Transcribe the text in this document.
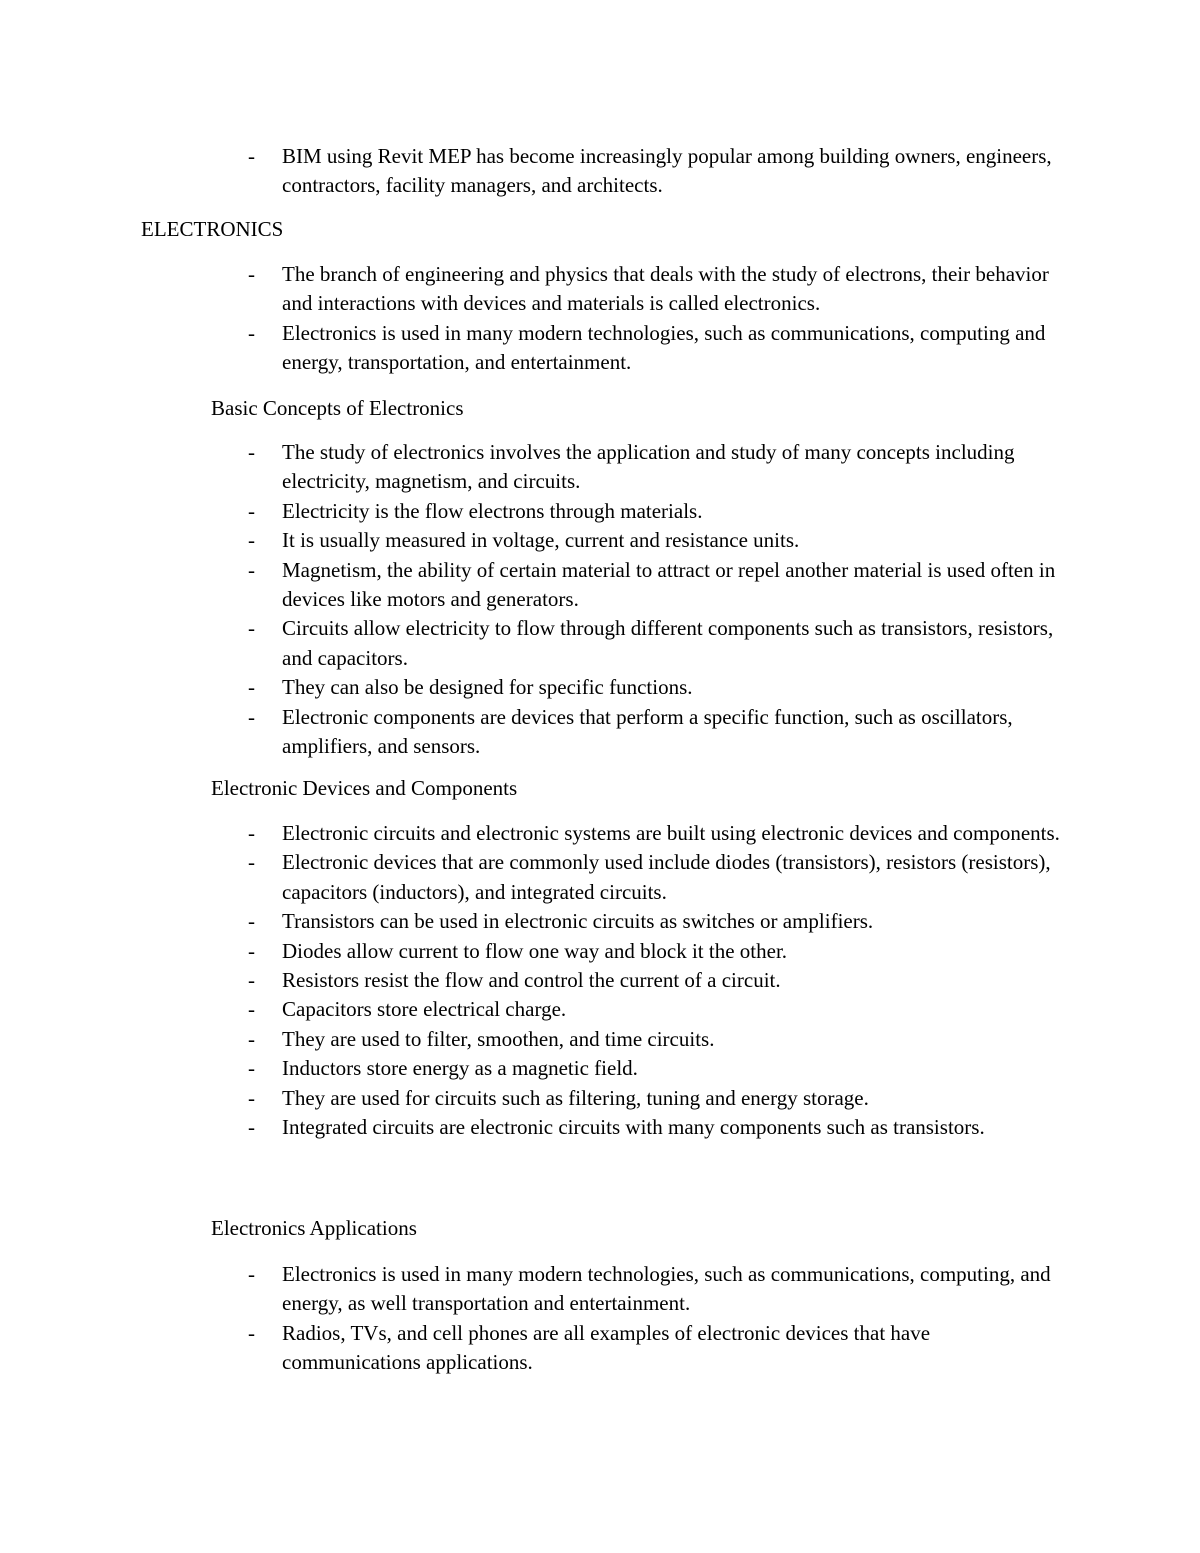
- BIM using Revit MEP has become increasingly popular among building owners, engineers, contractors, facility managers, and architects.
ELECTRONICS
- The branch of engineering and physics that deals with the study of electrons, their behavior and interactions with devices and materials is called electronics.
- Electronics is used in many modern technologies, such as communications, computing and energy, transportation, and entertainment.
Basic Concepts of Electronics
- The study of electronics involves the application and study of many concepts including electricity, magnetism, and circuits.
- Electricity is the flow electrons through materials.
- It is usually measured in voltage, current and resistance units.
- Magnetism, the ability of certain material to attract or repel another material is used often in devices like motors and generators.
- Circuits allow electricity to flow through different components such as transistors, resistors, and capacitors.
- They can also be designed for specific functions.
- Electronic components are devices that perform a specific function, such as oscillators, amplifiers, and sensors.
Electronic Devices and Components
- Electronic circuits and electronic systems are built using electronic devices and components.
- Electronic devices that are commonly used include diodes (transistors), resistors (resistors), capacitors (inductors), and integrated circuits.
- Transistors can be used in electronic circuits as switches or amplifiers.
- Diodes allow current to flow one way and block it the other.
- Resistors resist the flow and control the current of a circuit.
- Capacitors store electrical charge.
- They are used to filter, smoothen, and time circuits.
- Inductors store energy as a magnetic field.
- They are used for circuits such as filtering, tuning and energy storage.
- Integrated circuits are electronic circuits with many components such as transistors.
Electronics Applications
- Electronics is used in many modern technologies, such as communications, computing, and energy, as well transportation and entertainment.
- Radios, TVs, and cell phones are all examples of electronic devices that have communications applications.
